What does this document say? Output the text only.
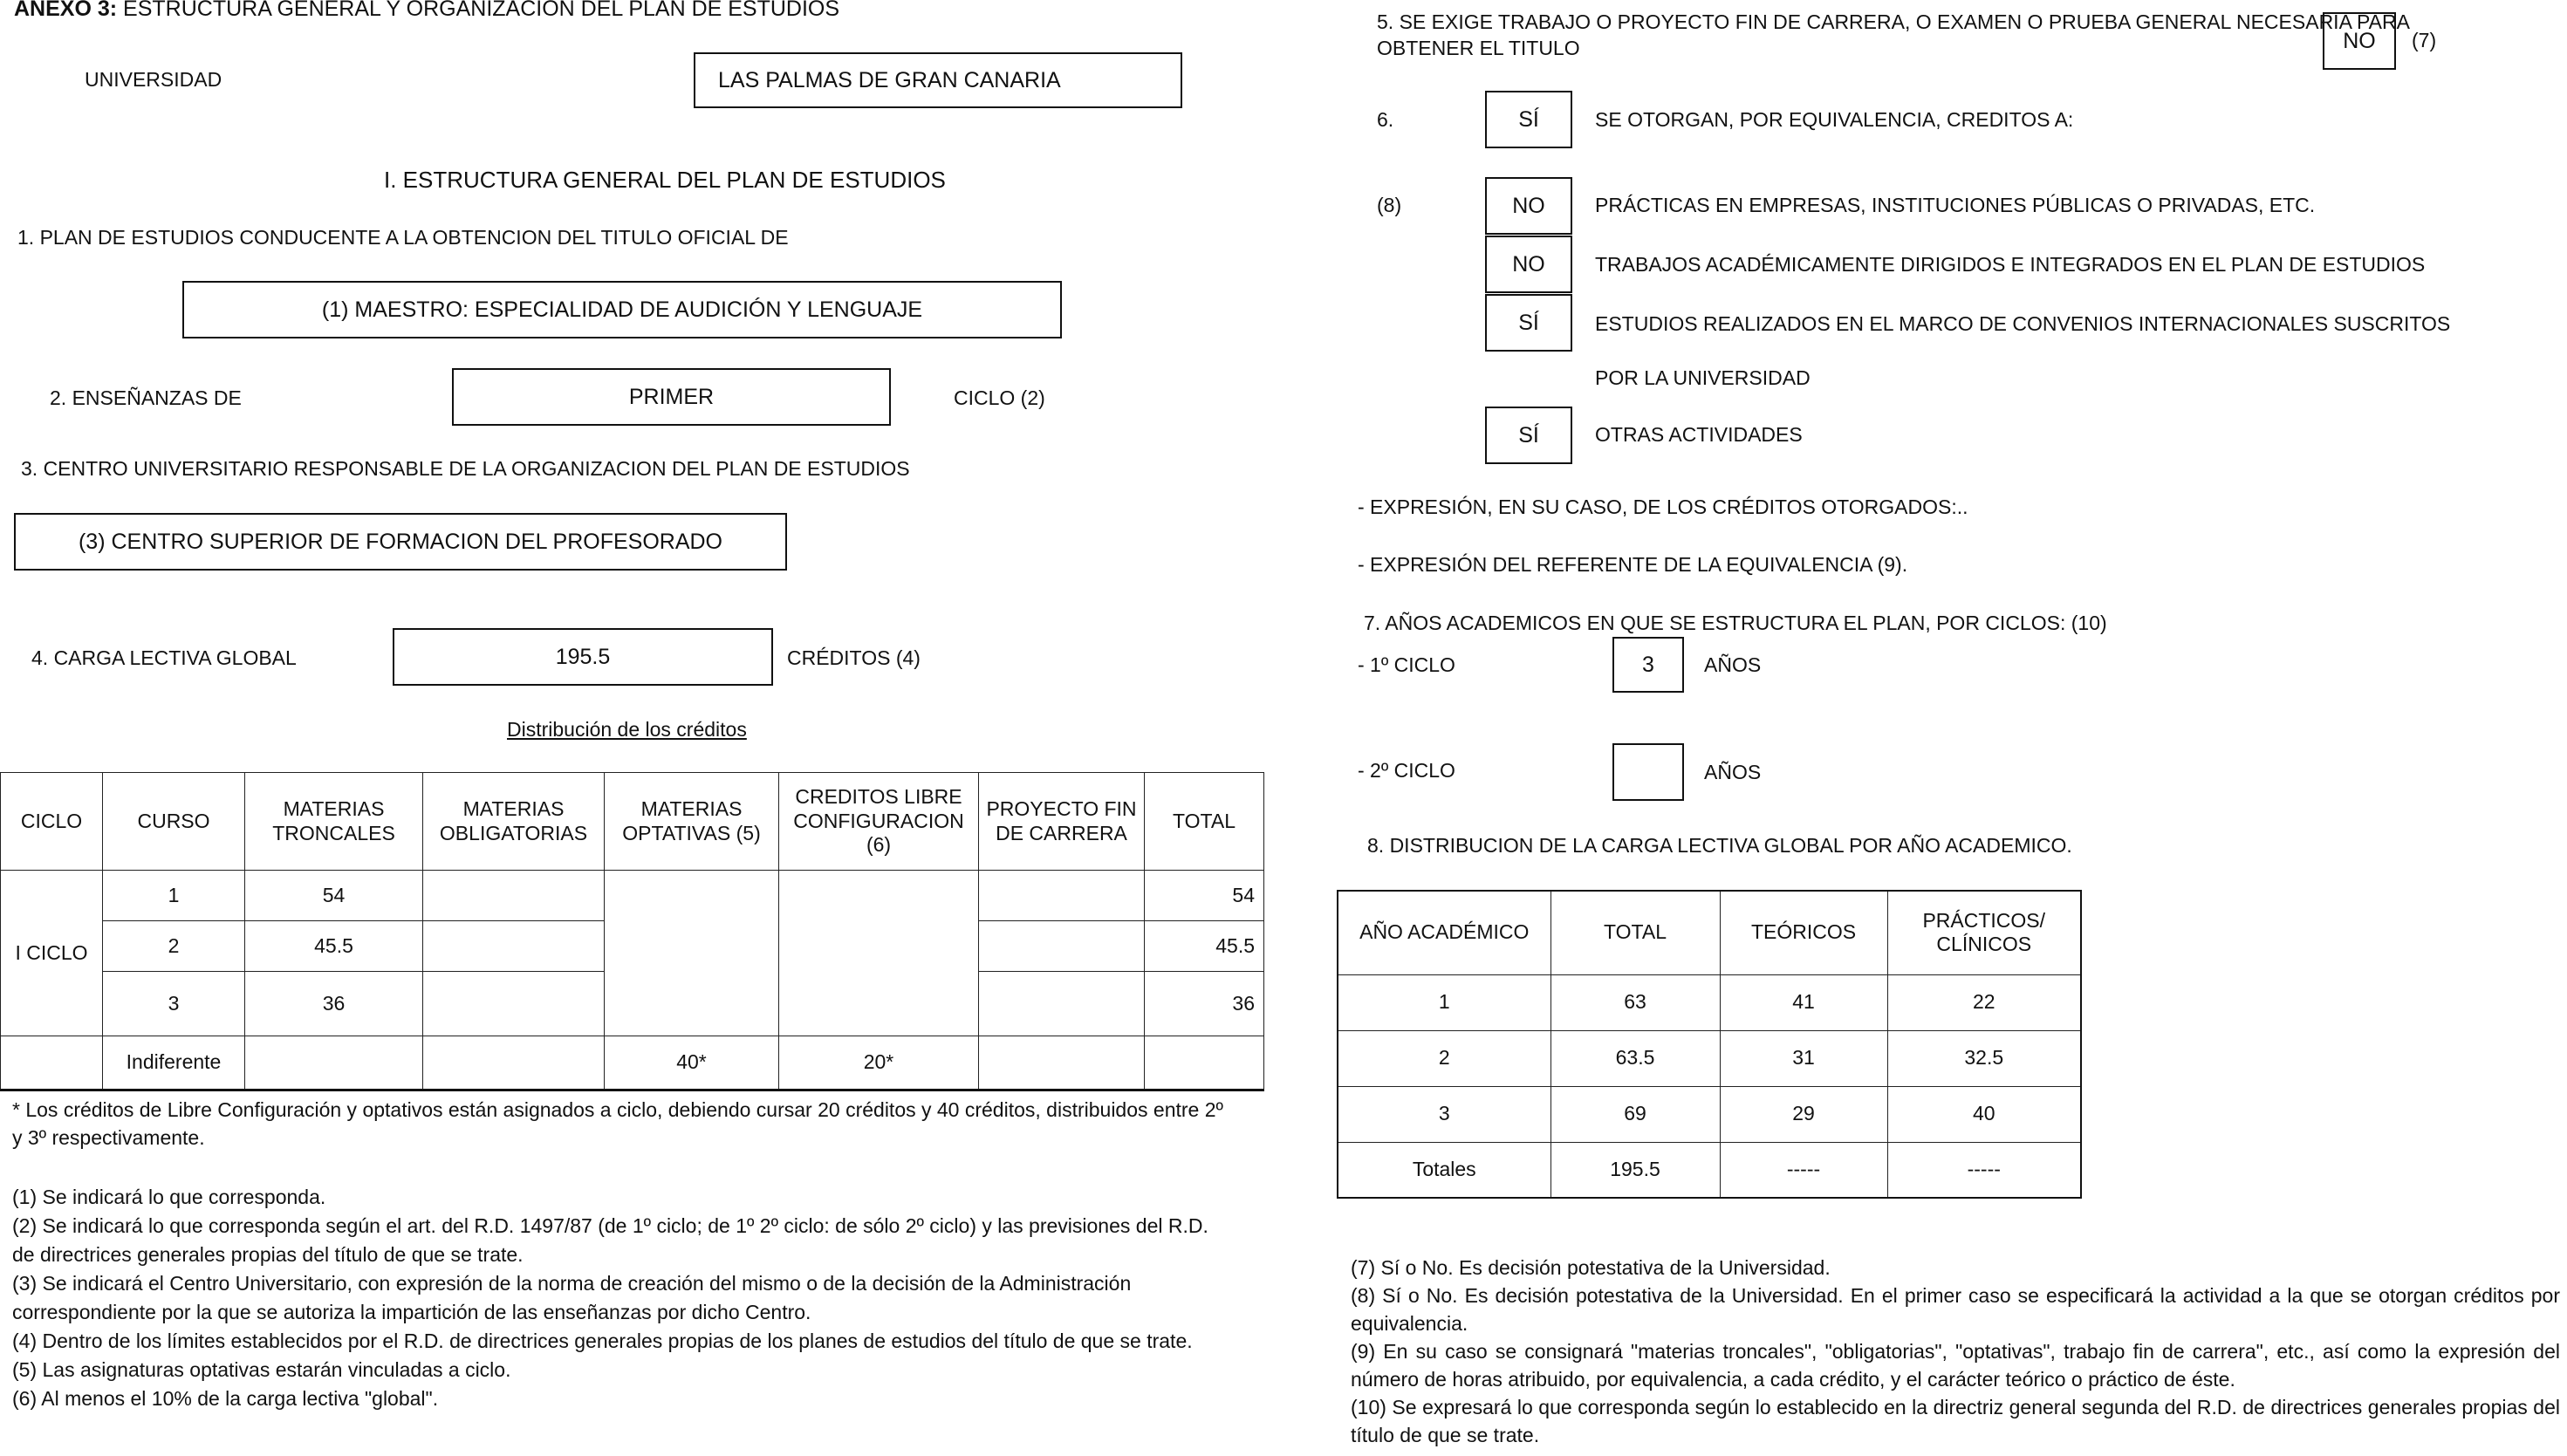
ANEXO 3: ESTRUCTURA GENERAL Y ORGANIZACION DEL PLAN DE ESTUDIOS
UNIVERSIDAD	LAS PALMAS DE GRAN CANARIA
I. ESTRUCTURA GENERAL DEL PLAN DE ESTUDIOS
1. PLAN DE ESTUDIOS CONDUCENTE A LA OBTENCION DEL TITULO OFICIAL DE
(1) MAESTRO: ESPECIALIDAD DE AUDICIÓN Y LENGUAJE
2. ENSEÑANZAS DE	PRIMER	CICLO (2)
3. CENTRO UNIVERSITARIO RESPONSABLE DE LA ORGANIZACION DEL PLAN DE ESTUDIOS
(3) CENTRO SUPERIOR DE FORMACION DEL PROFESORADO
4. CARGA LECTIVA GLOBAL	195.5	CRÉDITOS (4)
Distribución de los créditos
CICLO	CURSO	MATERIAS TRONCALES	MATERIAS OBLIGATORIAS	MATERIAS OPTATIVAS (5)	CREDITOS LIBRE CONFIGURACION (6)	PROYECTO FIN DE CARRERA	TOTAL
I CICLO	1	54					54
	2	45.5					45.5
	3	36					36
	Indiferente			40*	20*		
* Los créditos de Libre Configuración y optativos están asignados a ciclo, debiendo cursar 20 créditos y 40 créditos, distribuidos entre 2º y 3º respectivamente.
(1) Se indicará lo que corresponda.
(2) Se indicará lo que corresponda según el art. del R.D. 1497/87 (de 1º ciclo; de 1º 2º ciclo: de sólo 2º ciclo) y las previsiones del R.D. de directrices generales propias del título de que se trate.
(3) Se indicará el Centro Universitario, con expresión de la norma de creación del mismo o de la decisión de la Administración correspondiente por la que se autoriza la impartición de las enseñanzas por dicho Centro.
(4) Dentro de los límites establecidos por el R.D. de directrices generales propias de los planes de estudios del título de que se trate.
(5) Las asignaturas optativas estarán vinculadas a ciclo.
(6) Al menos el 10% de la carga lectiva "global".
5. SE EXIGE TRABAJO O PROYECTO FIN DE CARRERA, O EXAMEN O PRUEBA GENERAL NECESARIA PARA
OBTENER EL TITULO	NO (7)
6.	SÍ	SE OTORGAN, POR EQUIVALENCIA, CREDITOS A:
(8)	NO PRÁCTICAS EN EMPRESAS, INSTITUCIONES PÚBLICAS O PRIVADAS, ETC.
NO TRABAJOS ACADÉMICAMENTE DIRIGIDOS E INTEGRADOS EN EL PLAN DE ESTUDIOS
SÍ	ESTUDIOS REALIZADOS EN EL MARCO DE CONVENIOS INTERNACIONALES SUSCRITOS
POR LA UNIVERSIDAD
SÍ	OTRAS ACTIVIDADES
- EXPRESIÓN, EN SU CASO, DE LOS CRÉDITOS OTORGADOS:..
- EXPRESIÓN DEL REFERENTE DE LA EQUIVALENCIA (9).
7. AÑOS ACADEMICOS EN QUE SE ESTRUCTURA EL PLAN, POR CICLOS: (10)
- 1º CICLO	3 AÑOS
- 2º CICLO	AÑOS
8. DISTRIBUCION DE LA CARGA LECTIVA GLOBAL POR AÑO ACADEMICO.
AÑO ACADÉMICO	TOTAL	TEÓRICOS	PRÁCTICOS/ CLÍNICOS
1	63	41	22
2	63.5	31	32.5
3	69	29	40
Totales	195.5	-----	-----
(7) Sí o No. Es decisión potestativa de la Universidad.
(8) Sí o No. Es decisión potestativa de la Universidad. En el primer caso se especificará la actividad a la que se otorgan créditos por equivalencia.
(9) En su caso se consignará "materias troncales", "obligatorias", "optativas", trabajo fin de carrera", etc., así como la expresión del número de horas atribuido, por equivalencia, a cada crédito, y el carácter teórico o práctico de éste.
(10) Se expresará lo que corresponda según lo establecido en la directriz general segunda del R.D. de directrices generales propias del título de que se trate.
